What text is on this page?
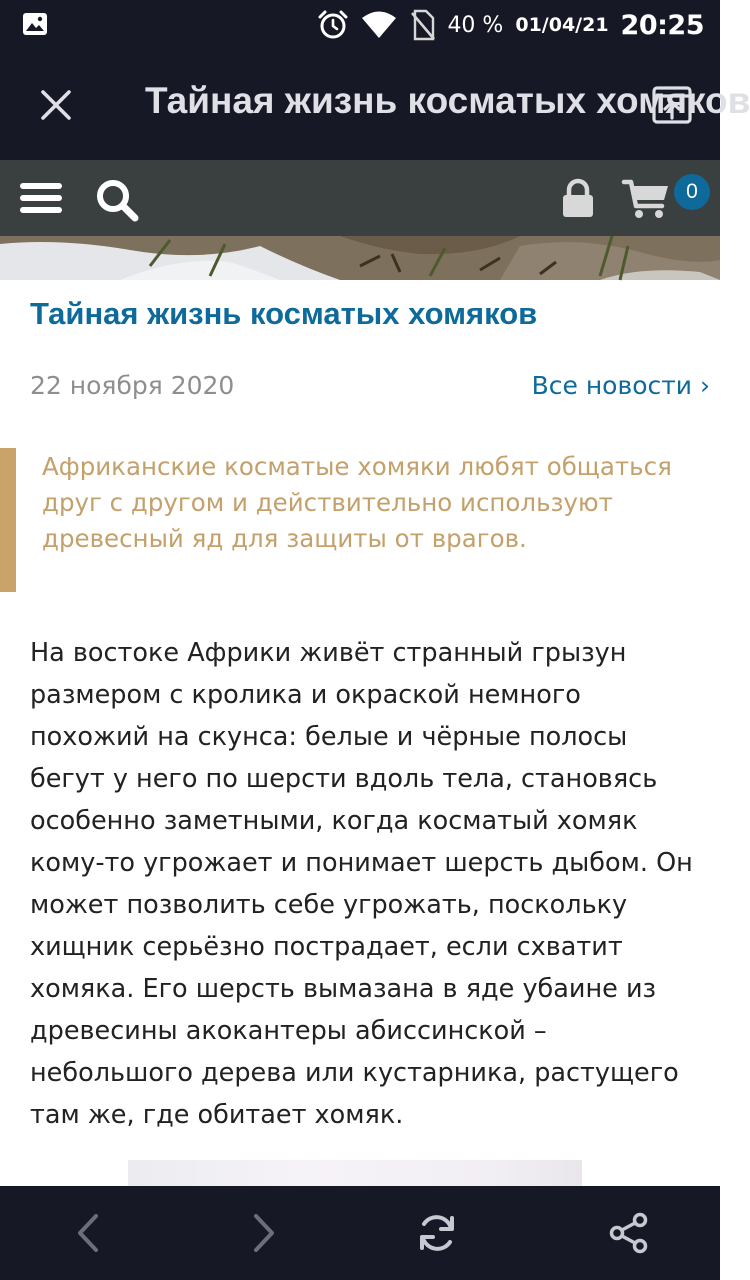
40 % 01/04/21 20:25
Тайная жизнь косматых хомяков
0
Тайная жизнь косматых хомяков
22 ноября 2020	Все новости ›
Африканские косматые хомяки любят общаться друг с другом и действительно используют древесный яд для защиты от врагов.
На востоке Африки живёт странный грызун размером с кролика и окраской немного похожий на скунса: белые и чёрные полосы бегут у него по шерсти вдоль тела, становясь особенно заметными, когда косматый хомяк кому-то угрожает и понимает шерсть дыбом. Он может позволить себе угрожать, поскольку хищник серьёзно пострадает, если схватит хомяка. Его шерсть вымазана в яде убаине из древесины акокантеры абиссинской – небольшого дерева или кустарника, растущего там же, где обитает хомяк.
